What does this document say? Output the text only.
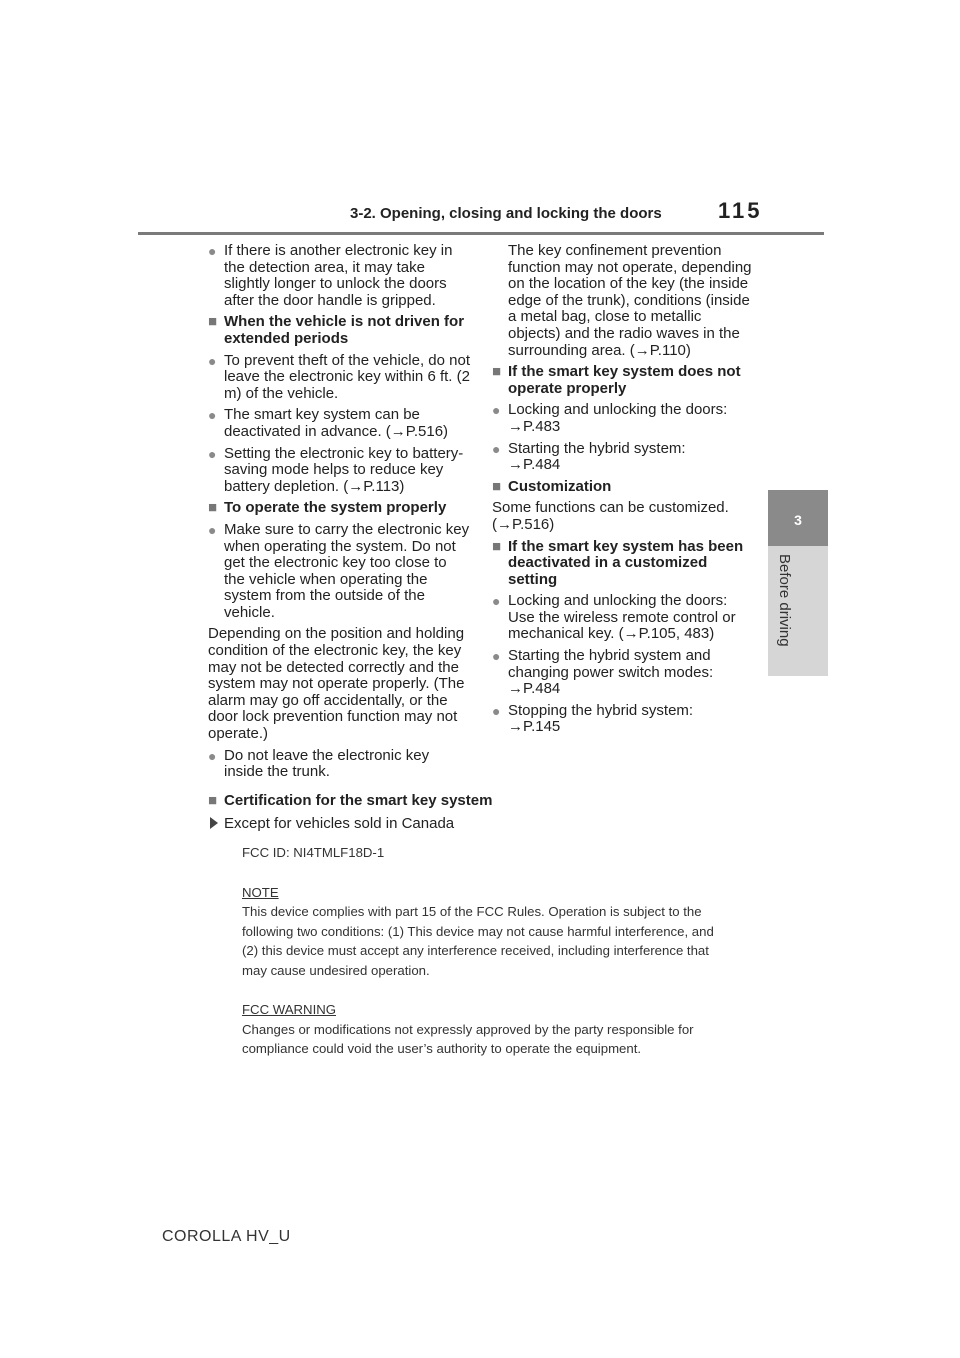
3-2. Opening, closing and locking the doors	115
3
Before driving
● If there is another electronic key in the detection area, it may take slightly longer to unlock the doors after the door handle is gripped.
■ When the vehicle is not driven for extended periods
● To prevent theft of the vehicle, do not leave the electronic key within 6 ft. (2 m) of the vehicle.
● The smart key system can be deactivated in advance. (→P.516)
● Setting the electronic key to battery-saving mode helps to reduce key battery depletion. (→P.113)
■ To operate the system properly
● Make sure to carry the electronic key when operating the system. Do not get the electronic key too close to the vehicle when operating the system from the outside of the vehicle.
Depending on the position and holding condition of the electronic key, the key may not be detected correctly and the system may not operate properly. (The alarm may go off accidentally, or the door lock prevention function may not operate.)
● Do not leave the electronic key inside the trunk.
The key confinement prevention function may not operate, depending on the location of the key (the inside edge of the trunk), conditions (inside a metal bag, close to metallic objects) and the radio waves in the surrounding area. (→P.110)
■ If the smart key system does not operate properly
● Locking and unlocking the doors:
→P.483
● Starting the hybrid system:
→P.484
■ Customization
Some functions can be customized. (→P.516)
■ If the smart key system has been deactivated in a customized setting
● Locking and unlocking the doors: Use the wireless remote control or mechanical key. (→P.105, 483)
● Starting the hybrid system and changing power switch modes:
→P.484
● Stopping the hybrid system:
→P.145
■ Certification for the smart key system
Except for vehicles sold in Canada
FCC ID: NI4TMLF18D-1
NOTE
This device complies with part 15 of the FCC Rules. Operation is subject to the following two conditions: (1) This device may not cause harmful interference, and (2) this device must accept any interference received, including interference that may cause undesired operation.
FCC WARNING
Changes or modifications not expressly approved by the party responsible for compliance could void the user’s authority to operate the equipment.
COROLLA HV_U
